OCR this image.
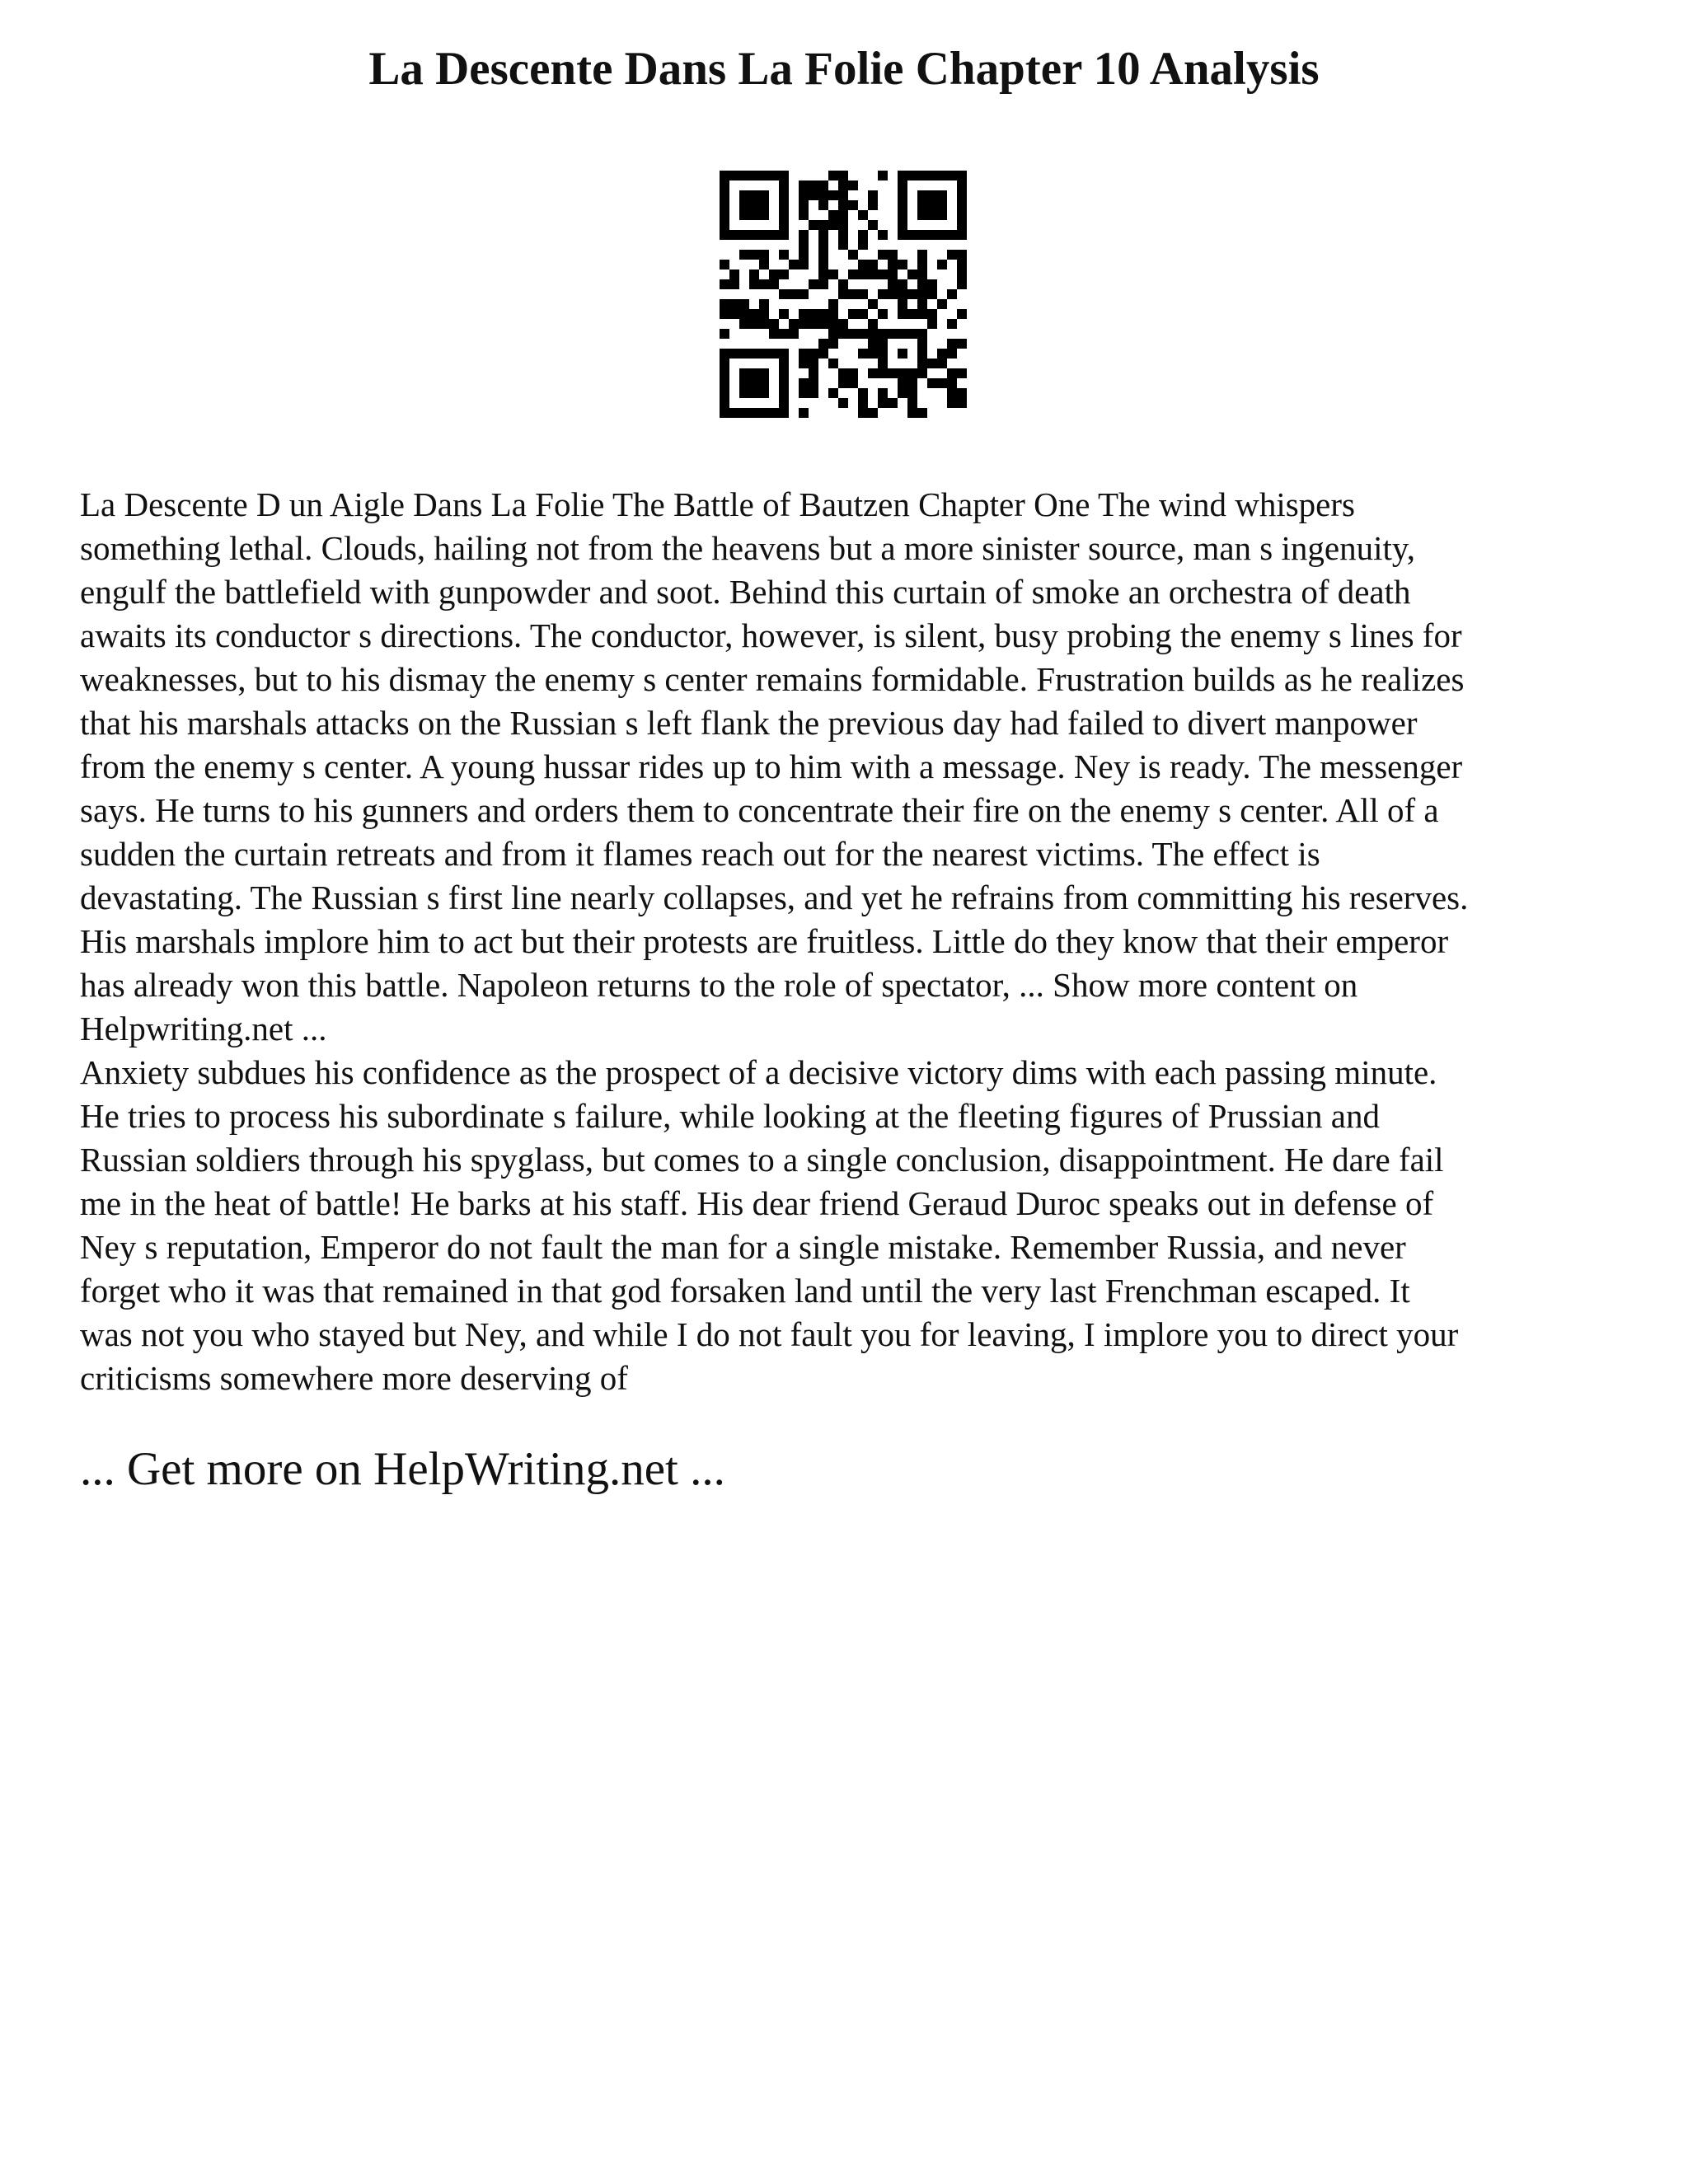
La Descente Dans La Folie Chapter 10 Analysis
La Descente D un Aigle Dans La Folie The Battle of Bautzen Chapter One The wind whispers
something lethal. Clouds, hailing not from the heavens but a more sinister source, man s ingenuity,
engulf the battlefield with gunpowder and soot. Behind this curtain of smoke an orchestra of death
awaits its conductor s directions. The conductor, however, is silent, busy probing the enemy s lines for
weaknesses, but to his dismay the enemy s center remains formidable. Frustration builds as he realizes
that his marshals attacks on the Russian s left flank the previous day had failed to divert manpower
from the enemy s center. A young hussar rides up to him with a message. Ney is ready. The messenger
says. He turns to his gunners and orders them to concentrate their fire on the enemy s center. All of a
sudden the curtain retreats and from it flames reach out for the nearest victims. The effect is
devastating. The Russian s first line nearly collapses, and yet he refrains from committing his reserves.
His marshals implore him to act but their protests are fruitless. Little do they know that their emperor
has already won this battle. Napoleon returns to the role of spectator, ... Show more content on
Helpwriting.net ...
Anxiety subdues his confidence as the prospect of a decisive victory dims with each passing minute.
He tries to process his subordinate s failure, while looking at the fleeting figures of Prussian and
Russian soldiers through his spyglass, but comes to a single conclusion, disappointment. He dare fail
me in the heat of battle! He barks at his staff. His dear friend Geraud Duroc speaks out in defense of
Ney s reputation, Emperor do not fault the man for a single mistake. Remember Russia, and never
forget who it was that remained in that god forsaken land until the very last Frenchman escaped. It
was not you who stayed but Ney, and while I do not fault you for leaving, I implore you to direct your
criticisms somewhere more deserving of

... Get more on HelpWriting.net ...
